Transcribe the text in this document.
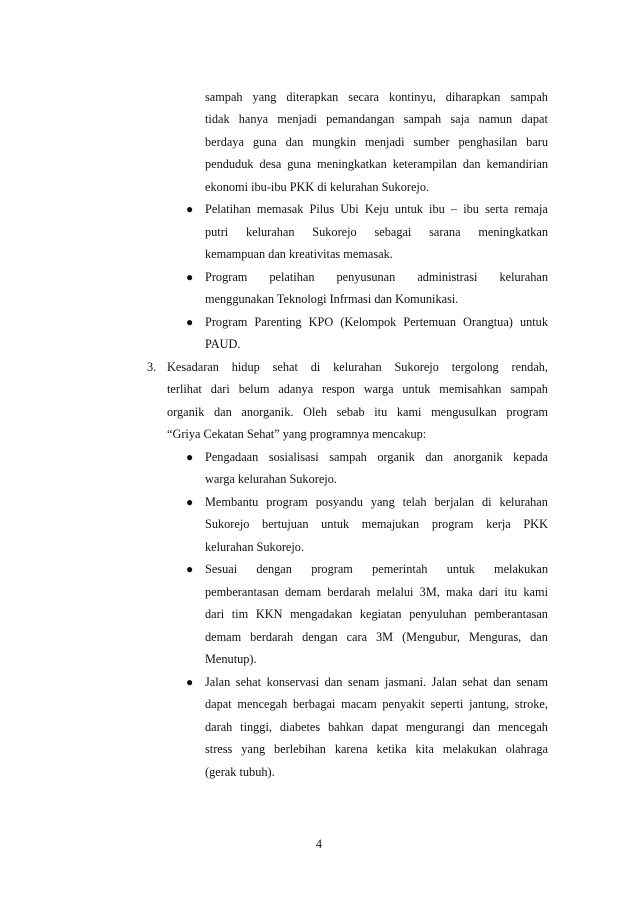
sampah yang diterapkan secara kontinyu, diharapkan sampah
tidak hanya menjadi pemandangan sampah saja namun dapat
berdaya guna dan mungkin menjadi sumber penghasilan baru
penduduk desa guna meningkatkan keterampilan dan kemandirian
ekonomi ibu-ibu PKK di kelurahan Sukorejo.
● Pelatihan memasak Pilus Ubi Keju untuk ibu – ibu serta remaja
putri kelurahan Sukorejo sebagai sarana meningkatkan
kemampuan dan kreativitas memasak.
● Program pelatihan penyusunan administrasi kelurahan
menggunakan Teknologi Infrmasi dan Komunikasi.
● Program Parenting KPO (Kelompok Pertemuan Orangtua) untuk
PAUD.
3. Kesadaran hidup sehat di kelurahan Sukorejo tergolong rendah,
terlihat dari belum adanya respon warga untuk memisahkan sampah
organik dan anorganik. Oleh sebab itu kami mengusulkan program
“Griya Cekatan Sehat” yang programnya mencakup:
● Pengadaan sosialisasi sampah organik dan anorganik kepada
warga kelurahan Sukorejo.
● Membantu program posyandu yang telah berjalan di kelurahan
Sukorejo bertujuan untuk memajukan program kerja PKK
kelurahan Sukorejo.
● Sesuai dengan program pemerintah untuk melakukan
pemberantasan demam berdarah melalui 3M, maka dari itu kami
dari tim KKN mengadakan kegiatan penyuluhan pemberantasan
demam berdarah dengan cara 3M (Mengubur, Menguras, dan
Menutup).
● Jalan sehat konservasi dan senam jasmani. Jalan sehat dan senam
dapat mencegah berbagai macam penyakit seperti jantung, stroke,
darah tinggi, diabetes bahkan dapat mengurangi dan mencegah
stress yang berlebihan karena ketika kita melakukan olahraga
(gerak tubuh).
4
